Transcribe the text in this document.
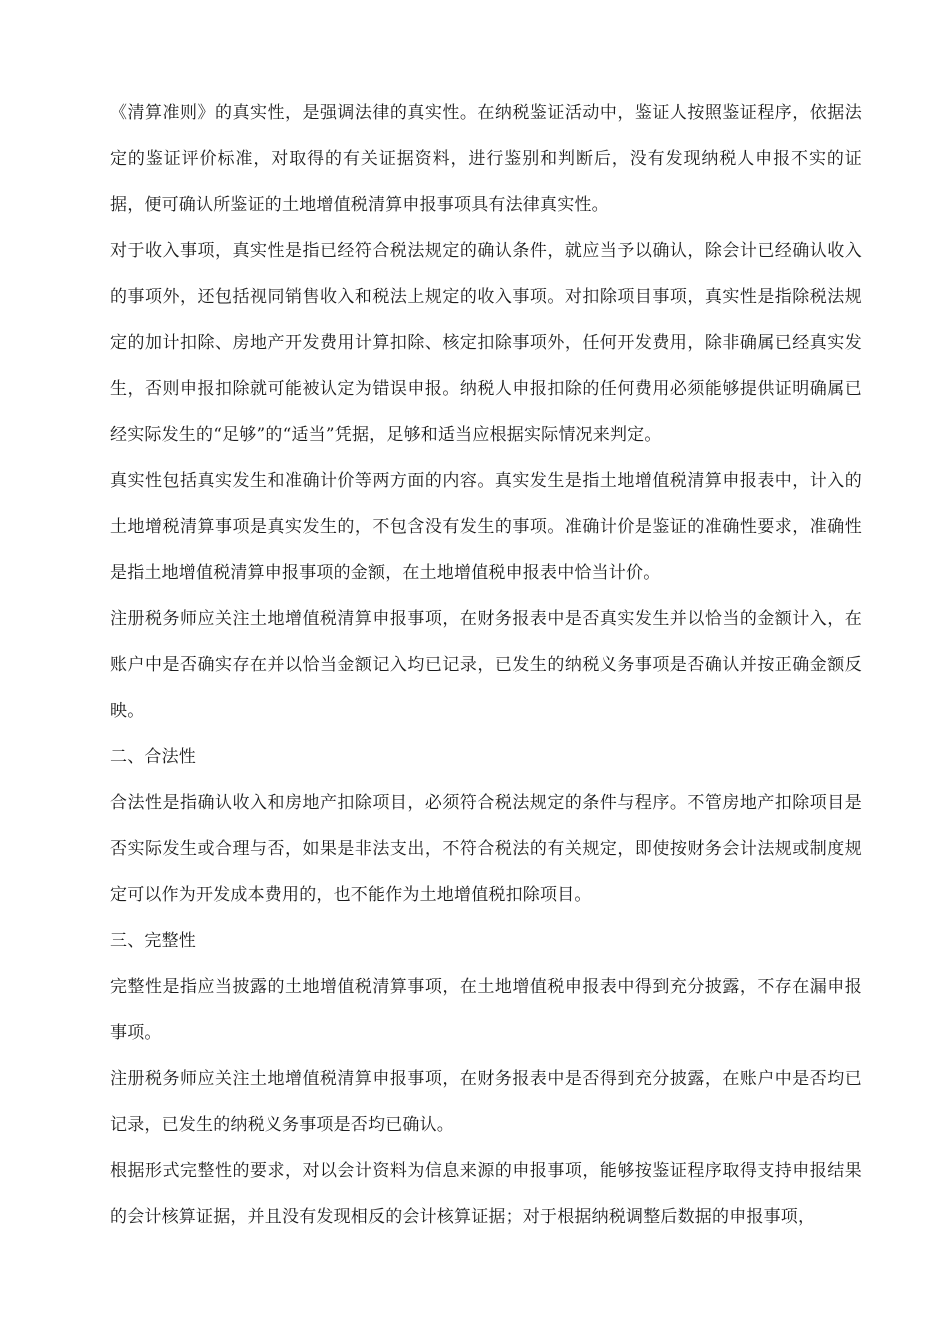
《清算准则》的真实性，是强调法律的真实性。在纳税鉴证活动中，鉴证人按照鉴证程序，依据法定的鉴证评价标准，对取得的有关证据资料，进行鉴别和判断后，没有发现纳税人申报不实的证据，便可确认所鉴证的土地增值税清算申报事项具有法律真实性。

对于收入事项，真实性是指已经符合税法规定的确认条件，就应当予以确认，除会计已经确认收入的事项外，还包括视同销售收入和税法上规定的收入事项。对扣除项目事项，真实性是指除税法规定的加计扣除、房地产开发费用计算扣除、核定扣除事项外，任何开发费用，除非确属已经真实发生，否则申报扣除就可能被认定为错误申报。纳税人申报扣除的任何费用必须能够提供证明确属已经实际发生的“足够”的“适当”凭据，足够和适当应根据实际情况来判定。

真实性包括真实发生和准确计价等两方面的内容。真实发生是指土地增值税清算申报表中，计入的土地增税清算事项是真实发生的，不包含没有发生的事项。准确计价是鉴证的准确性要求，准确性是指土地增值税清算申报事项的金额，在土地增值税申报表中恰当计价。

注册税务师应关注土地增值税清算申报事项，在财务报表中是否真实发生并以恰当的金额计入，在账户中是否确实存在并以恰当金额记入均已记录，已发生的纳税义务事项是否确认并按正确金额反映。

二、合法性

合法性是指确认收入和房地产扣除项目，必须符合税法规定的条件与程序。不管房地产扣除项目是否实际发生或合理与否，如果是非法支出，不符合税法的有关规定，即使按财务会计法规或制度规定可以作为开发成本费用的，也不能作为土地增值税扣除项目。

三、完整性

完整性是指应当披露的土地增值税清算事项，在土地增值税申报表中得到充分披露，不存在漏申报事项。

注册税务师应关注土地增值税清算申报事项，在财务报表中是否得到充分披露，在账户中是否均已记录，已发生的纳税义务事项是否均已确认。

根据形式完整性的要求，对以会计资料为信息来源的申报事项，能够按鉴证程序取得支持申报结果的会计核算证据，并且没有发现相反的会计核算证据；对于根据纳税调整后数据的申报事项，
